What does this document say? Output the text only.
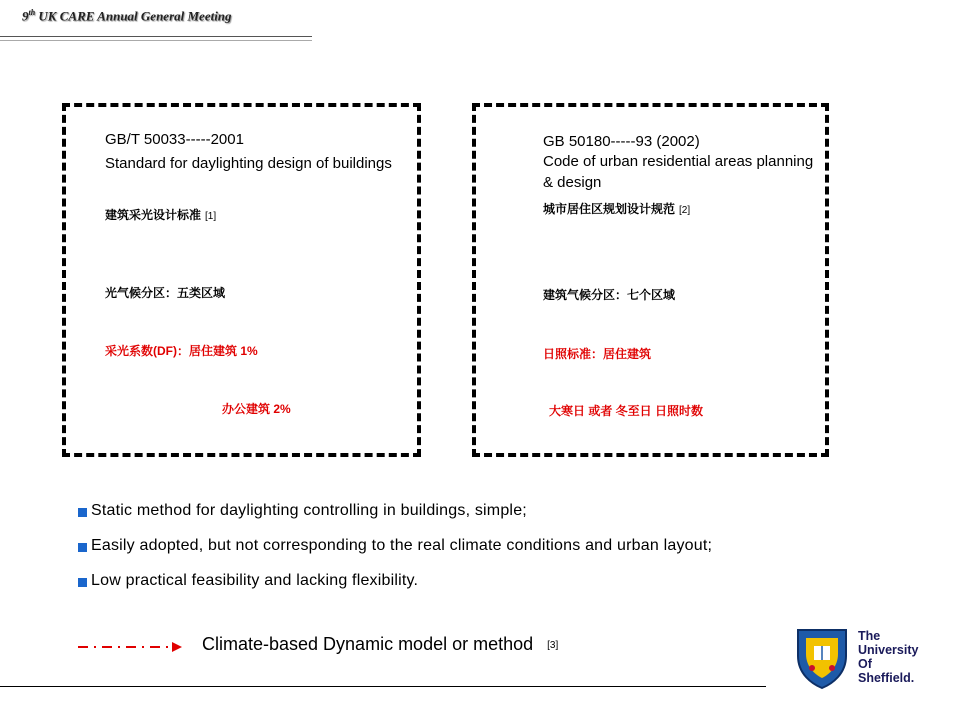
9th UK CARE Annual General Meeting
GB/T 50033-----2001
Standard for daylighting design of buildings
建筑采光设计标准 [1]
光气候分区：五类区域
采光系数(DF)：居住建筑 1%
办公建筑 2%
GB 50180-----93 (2002)
Code of urban residential areas planning & design
城市居住区规划设计规范 [2]
建筑气候分区：七个区域
日照标准：居住建筑
大寒日 或者 冬至日 日照时数
Static method for daylighting controlling in buildings, simple;
Easily adopted, but not corresponding to the real climate conditions and urban layout;
Low practical feasibility and lacking flexibility.
Climate-based Dynamic model or method [3]
The
University
Of
Sheffield.
